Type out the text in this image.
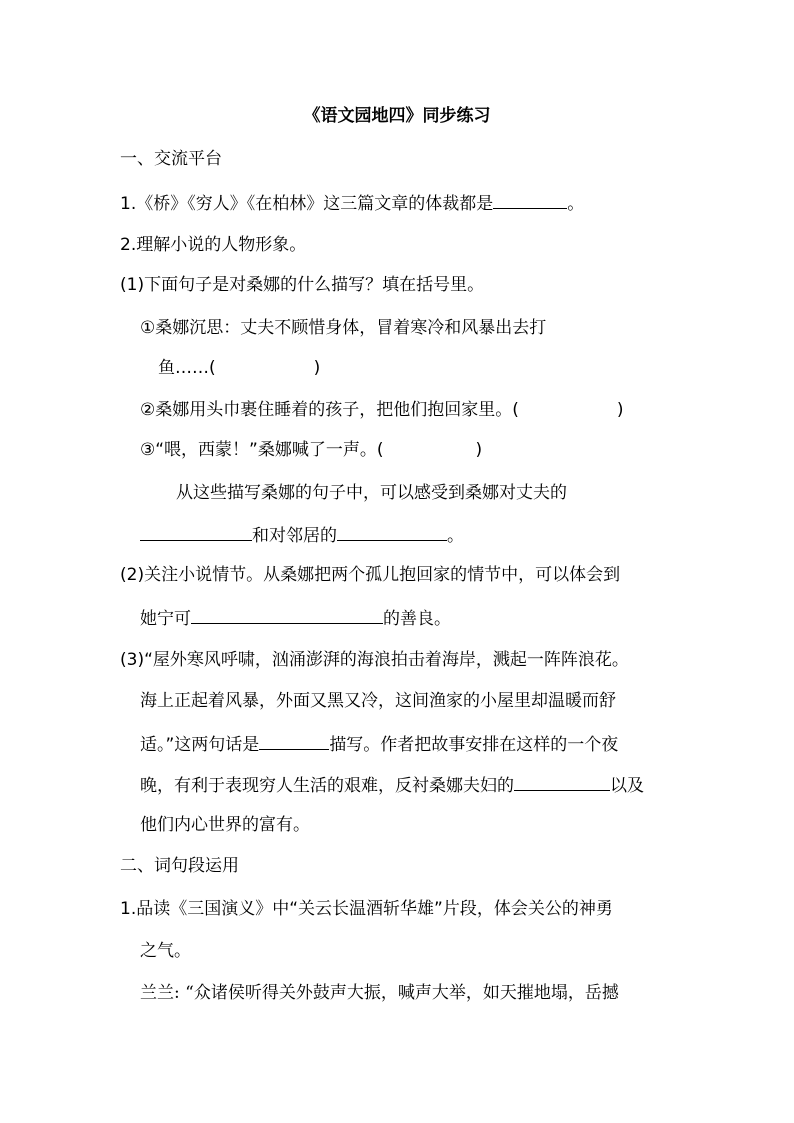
《语文园地四》同步练习
一、交流平台
1.《桥》《穷人》《在柏林》这三篇文章的体裁都是	。
2.理解小说的人物形象。
(1)下面句子是对桑娜的什么描写？填在括号里。
①桑娜沉思：丈夫不顾惜身体，冒着寒冷和风暴出去打
鱼……(	)
②桑娜用头巾裹住睡着的孩子，把他们抱回家里。(	)
③“喂，西蒙！”桑娜喊了一声。(	)
从这些描写桑娜的句子中，可以感受到桑娜对丈夫的
和对邻居的	。
(2)关注小说情节。从桑娜把两个孤儿抱回家的情节中，可以体会到
她宁可	的善良。
(3)“屋外寒风呼啸，汹涌澎湃的海浪拍击着海岸，溅起一阵阵浪花。
海上正起着风暴，外面又黑又冷，这间渔家的小屋里却温暖而舒
适。”这两句话是	描写。作者把故事安排在这样的一个夜
晚，有利于表现穷人生活的艰难，反衬桑娜夫妇的	以及
他们内心世界的富有。
二、词句段运用
1.品读《三国演义》中“关云长温酒斩华雄”片段，体会关公的神勇
之气。
兰兰: “众诸侯听得关外鼓声大振，喊声大举，如天摧地塌，岳撼
